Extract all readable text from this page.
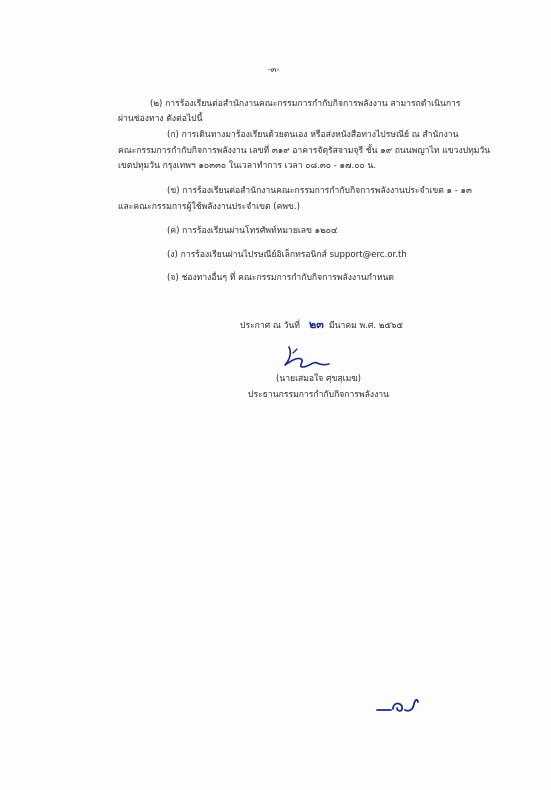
-๓-

(๒) การร้องเรียนต่อสำนักงานคณะกรรมการกำกับกิจการพลังงาน สามารถดำเนินการ

ผ่านช่องทาง ดังต่อไปนี้

(ก) การเดินทางมาร้องเรียนด้วยตนเอง หรือส่งหนังสือทางไปรษณีย์ ณ สำนักงาน

คณะกรรมการกำกับกิจการพลังงาน เลขที่ ๓๑๙ อาคารจัตุรัสจามจุรี ชั้น ๑๙ ถนนพญาไท แขวงปทุมวัน

เขตปทุมวัน กรุงเทพฯ ๑๐๓๓๐ ในเวลาทำการ เวลา ๐๘.๓๐ - ๑๗.๐๐ น.

(ข) การร้องเรียนต่อสำนักงานคณะกรรมการกำกับกิจการพลังงานประจำเขต ๑ - ๑๓

และคณะกรรมการผู้ใช้พลังงานประจำเขต (คพข.)

(ค) การร้องเรียนผ่านโทรศัพท์หมายเลข ๑๒๐๔

(ง) การร้องเรียนผ่านไปรษณีย์อิเล็กทรอนิกส์ support@erc.or.th

(จ) ช่องทางอื่นๆ ที่ คณะกรรมการกำกับกิจการพลังงานกำหนด

ประกาศ ณ วันที่ ๒๓ มีนาคม พ.ศ. ๒๕๖๕

(นายเสมอใจ ศุขสุเมฆ)

ประธานกรรมการกำกับกิจการพลังงาน
